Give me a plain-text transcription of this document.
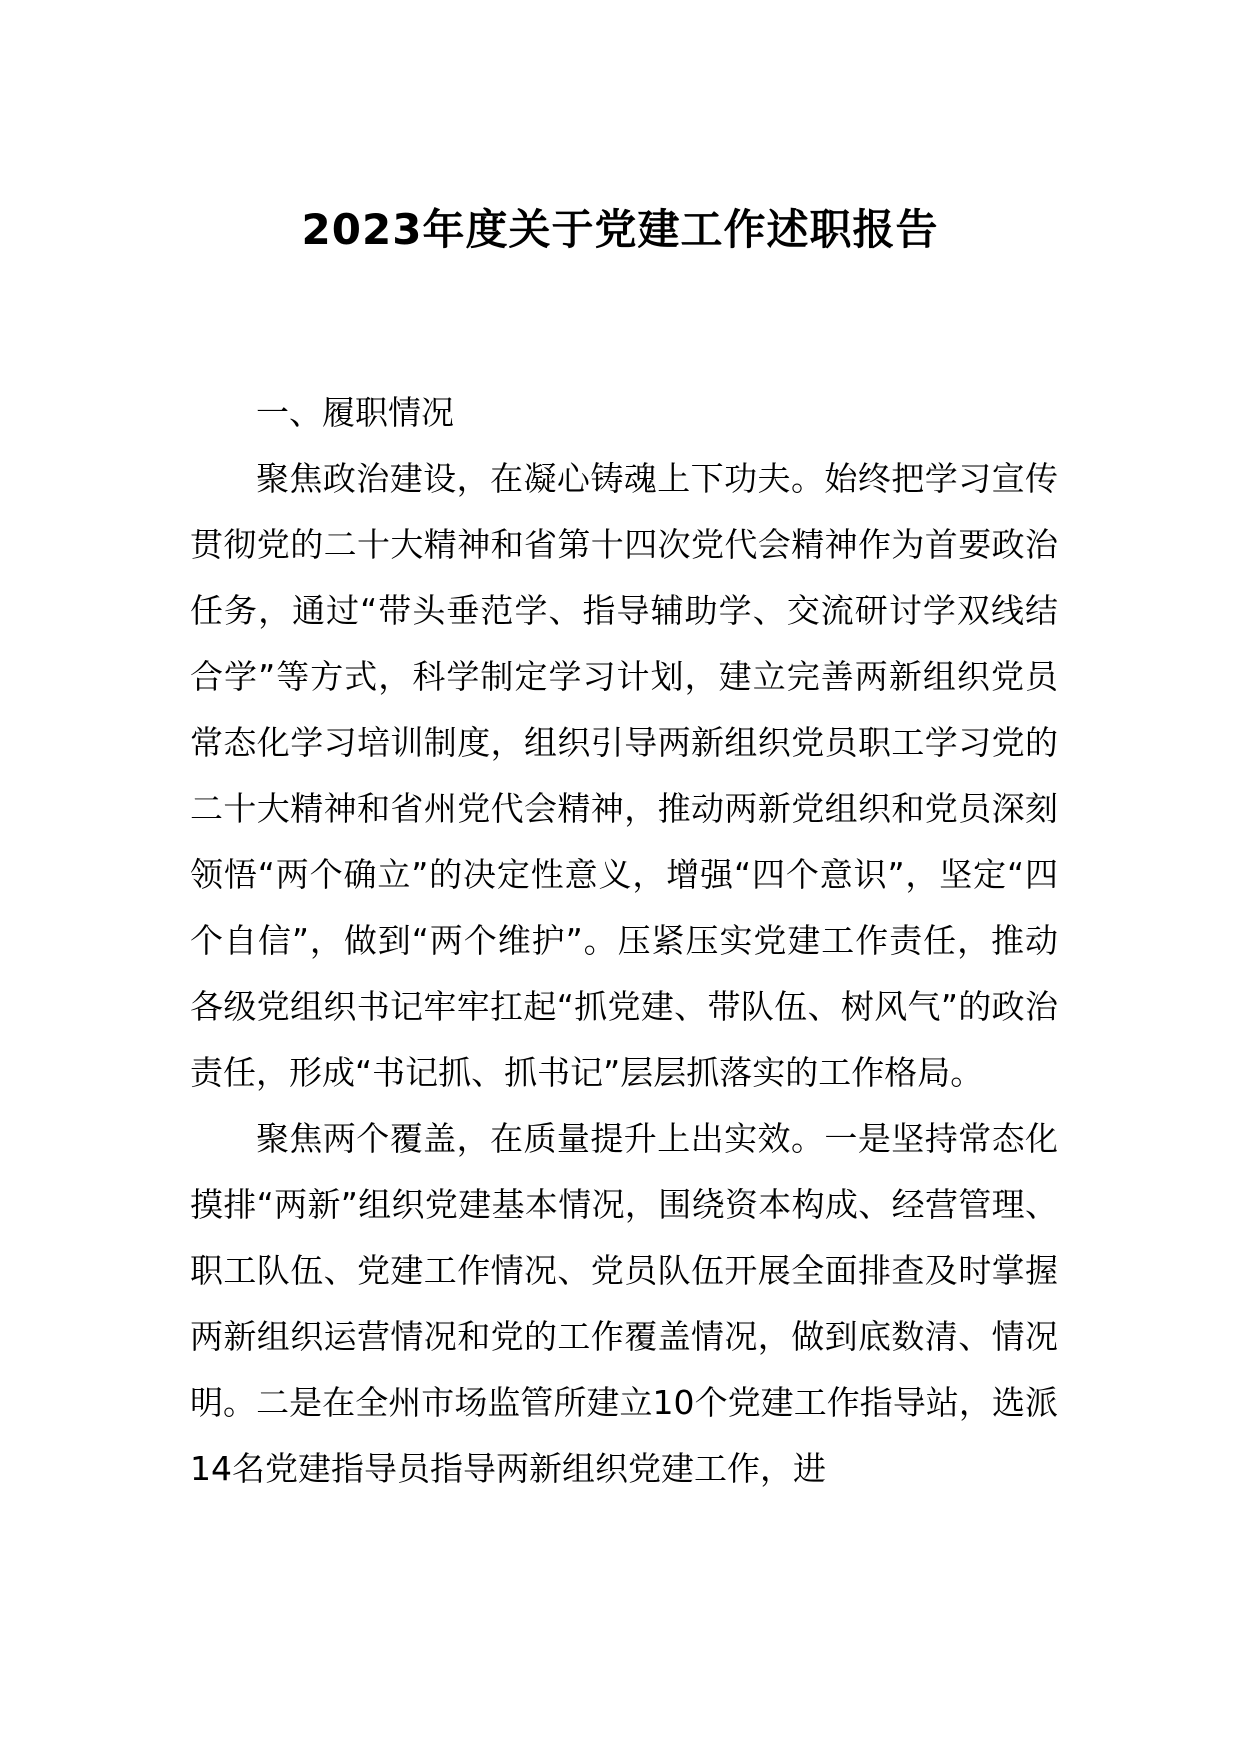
2023年度关于党建工作述职报告

一、履职情况

聚焦政治建设，在凝心铸魂上下功夫。始终把学习宣传贯彻党的二十大精神和省第十四次党代会精神作为首要政治任务，通过“带头垂范学、指导辅助学、交流研讨学双线结合学”等方式，科学制定学习计划，建立完善两新组织党员常态化学习培训制度，组织引导两新组织党员职工学习党的二十大精神和省州党代会精神，推动两新党组织和党员深刻领悟“两个确立”的决定性意义，增强“四个意识”，坚定“四个自信”，做到“两个维护”。压紧压实党建工作责任，推动各级党组织书记牢牢扛起“抓党建、带队伍、树风气”的政治责任，形成“书记抓、抓书记”层层抓落实的工作格局。

聚焦两个覆盖，在质量提升上出实效。一是坚持常态化摸排“两新”组织党建基本情况，围绕资本构成、经营管理、职工队伍、党建工作情况、党员队伍开展全面排查及时掌握两新组织运营情况和党的工作覆盖情况，做到底数清、情况明。二是在全州市场监管所建立10个党建工作指导站，选派14名党建指导员指导两新组织党建工作，进
